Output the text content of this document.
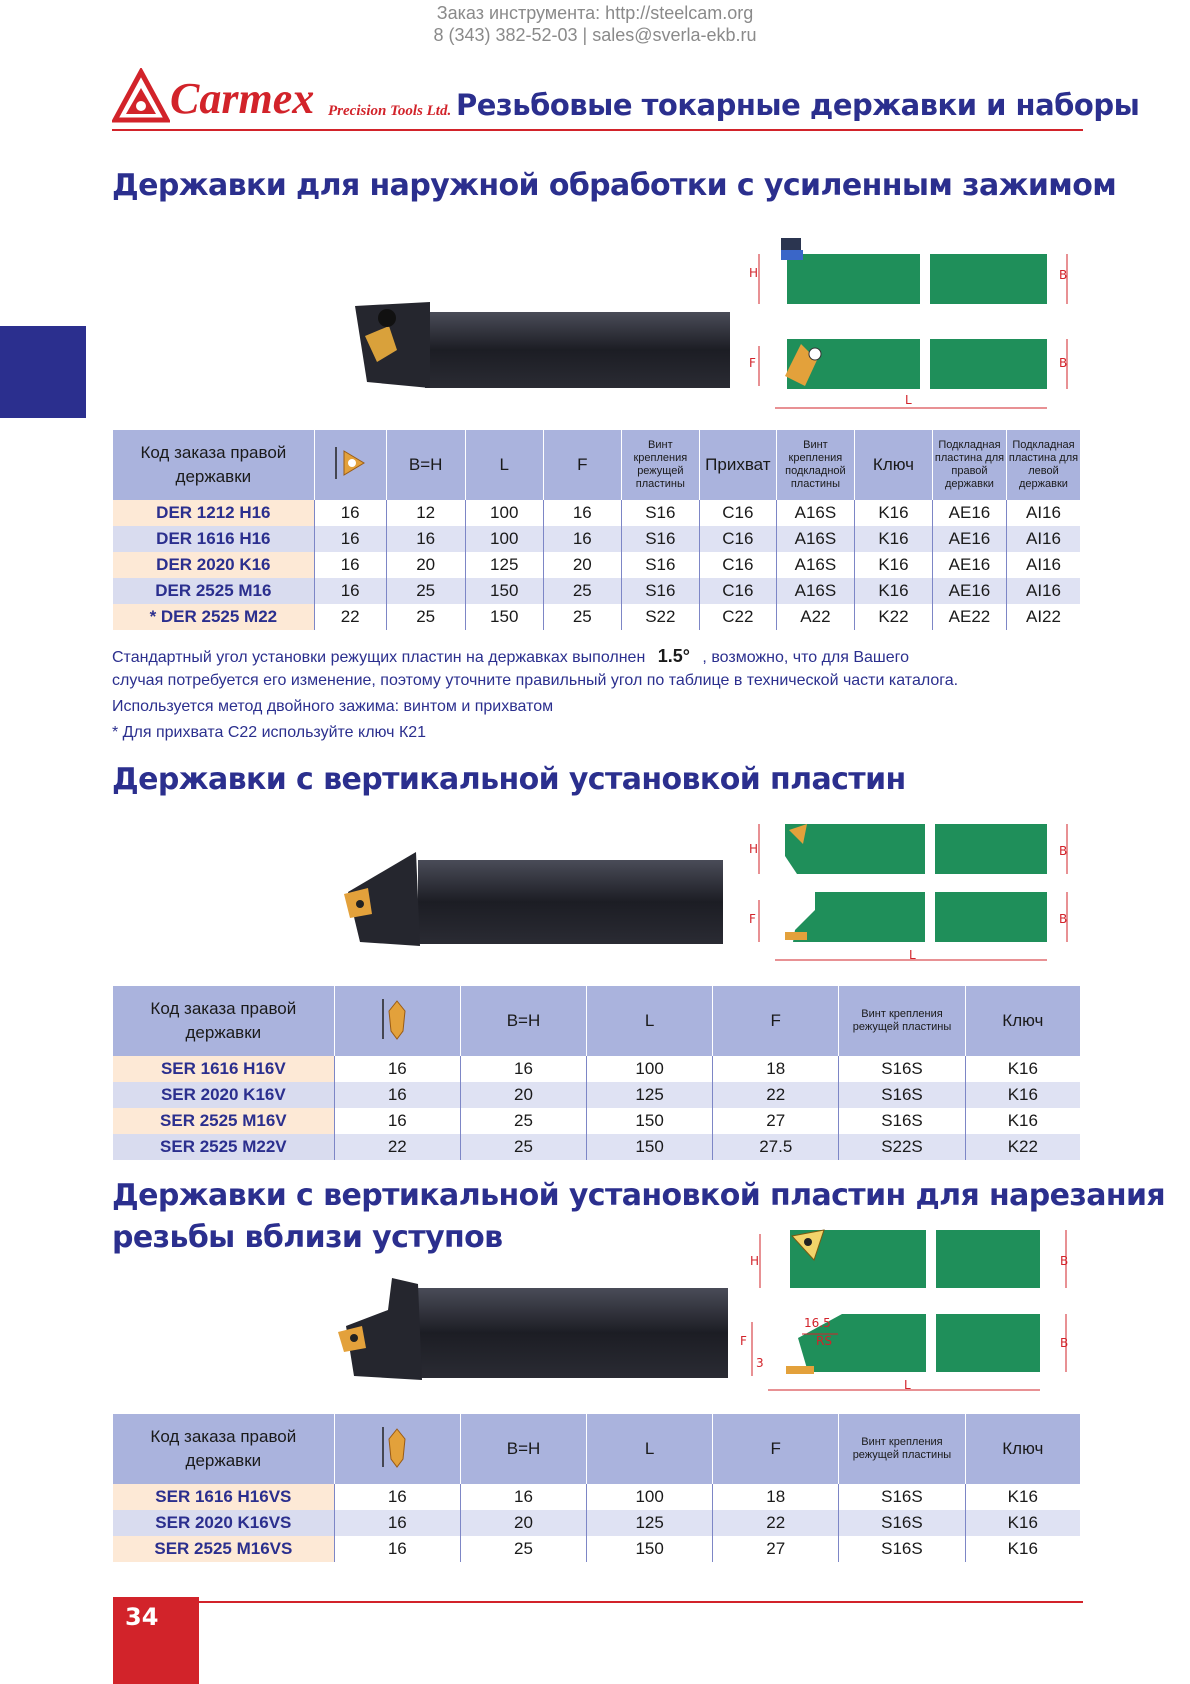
Заказ инструмента: http://steelcam.org
8 (343) 382-52-03 | sales@sverla-ekb.ru
Carmex Precision Tools Ltd. Резьбовые токарные державки и наборы
Державки для наружной обработки с усиленным зажимом
H	B
F	B
L
Код заказа правой державки		B=H	L	F	Винт крепления режущей пластины	Прихват	Винт крепления подкладной пластины	Ключ	Подкладная пластина для правой державки	Подкладная пластина для левой державки
DER 1212 H16	16	12	100	16	S16	C16	A16S	K16	AE16	AI16
DER 1616 H16	16	16	100	16	S16	C16	A16S	K16	AE16	AI16
DER 2020 K16	16	20	125	20	S16	C16	A16S	K16	AE16	AI16
DER 2525 M16	16	25	150	25	S16	C16	A16S	K16	AE16	AI16
* DER 2525 M22	22	25	150	25	S22	C22	A22	K22	AE22	AI22
Стандартный угол установки режущих пластин на державках выполнен 1.5° , возможно, что для Вашего
случая потребуется его изменение, поэтому уточните правильный угол по таблице в технической части каталога.
Используется метод двойного зажима: винтом и прихватом
* Для прихвата С22 используйте ключ К21
Державки с вертикальной установкой пластин
H	B
F	B
L
Код заказа правой державки		B=H	L	F	Винт крепления режущей пластины	Ключ
SER 1616 H16V	16	16	100	18	S16S	K16
SER 2020 K16V	16	20	125	22	S16S	K16
SER 2525 M16V	16	25	150	27	S16S	K16
SER 2525 M22V	22	25	150	27.5	S22S	K22
Державки с вертикальной установкой пластин для нарезания
резьбы вблизи уступов
H	B
F	B
L
16.5
RS
3
Код заказа правой державки		B=H	L	F	Винт крепления режущей пластины	Ключ
SER 1616 H16VS	16	16	100	18	S16S	K16
SER 2020 K16VS	16	20	125	22	S16S	K16
SER 2525 M16VS	16	25	150	27	S16S	K16
34
